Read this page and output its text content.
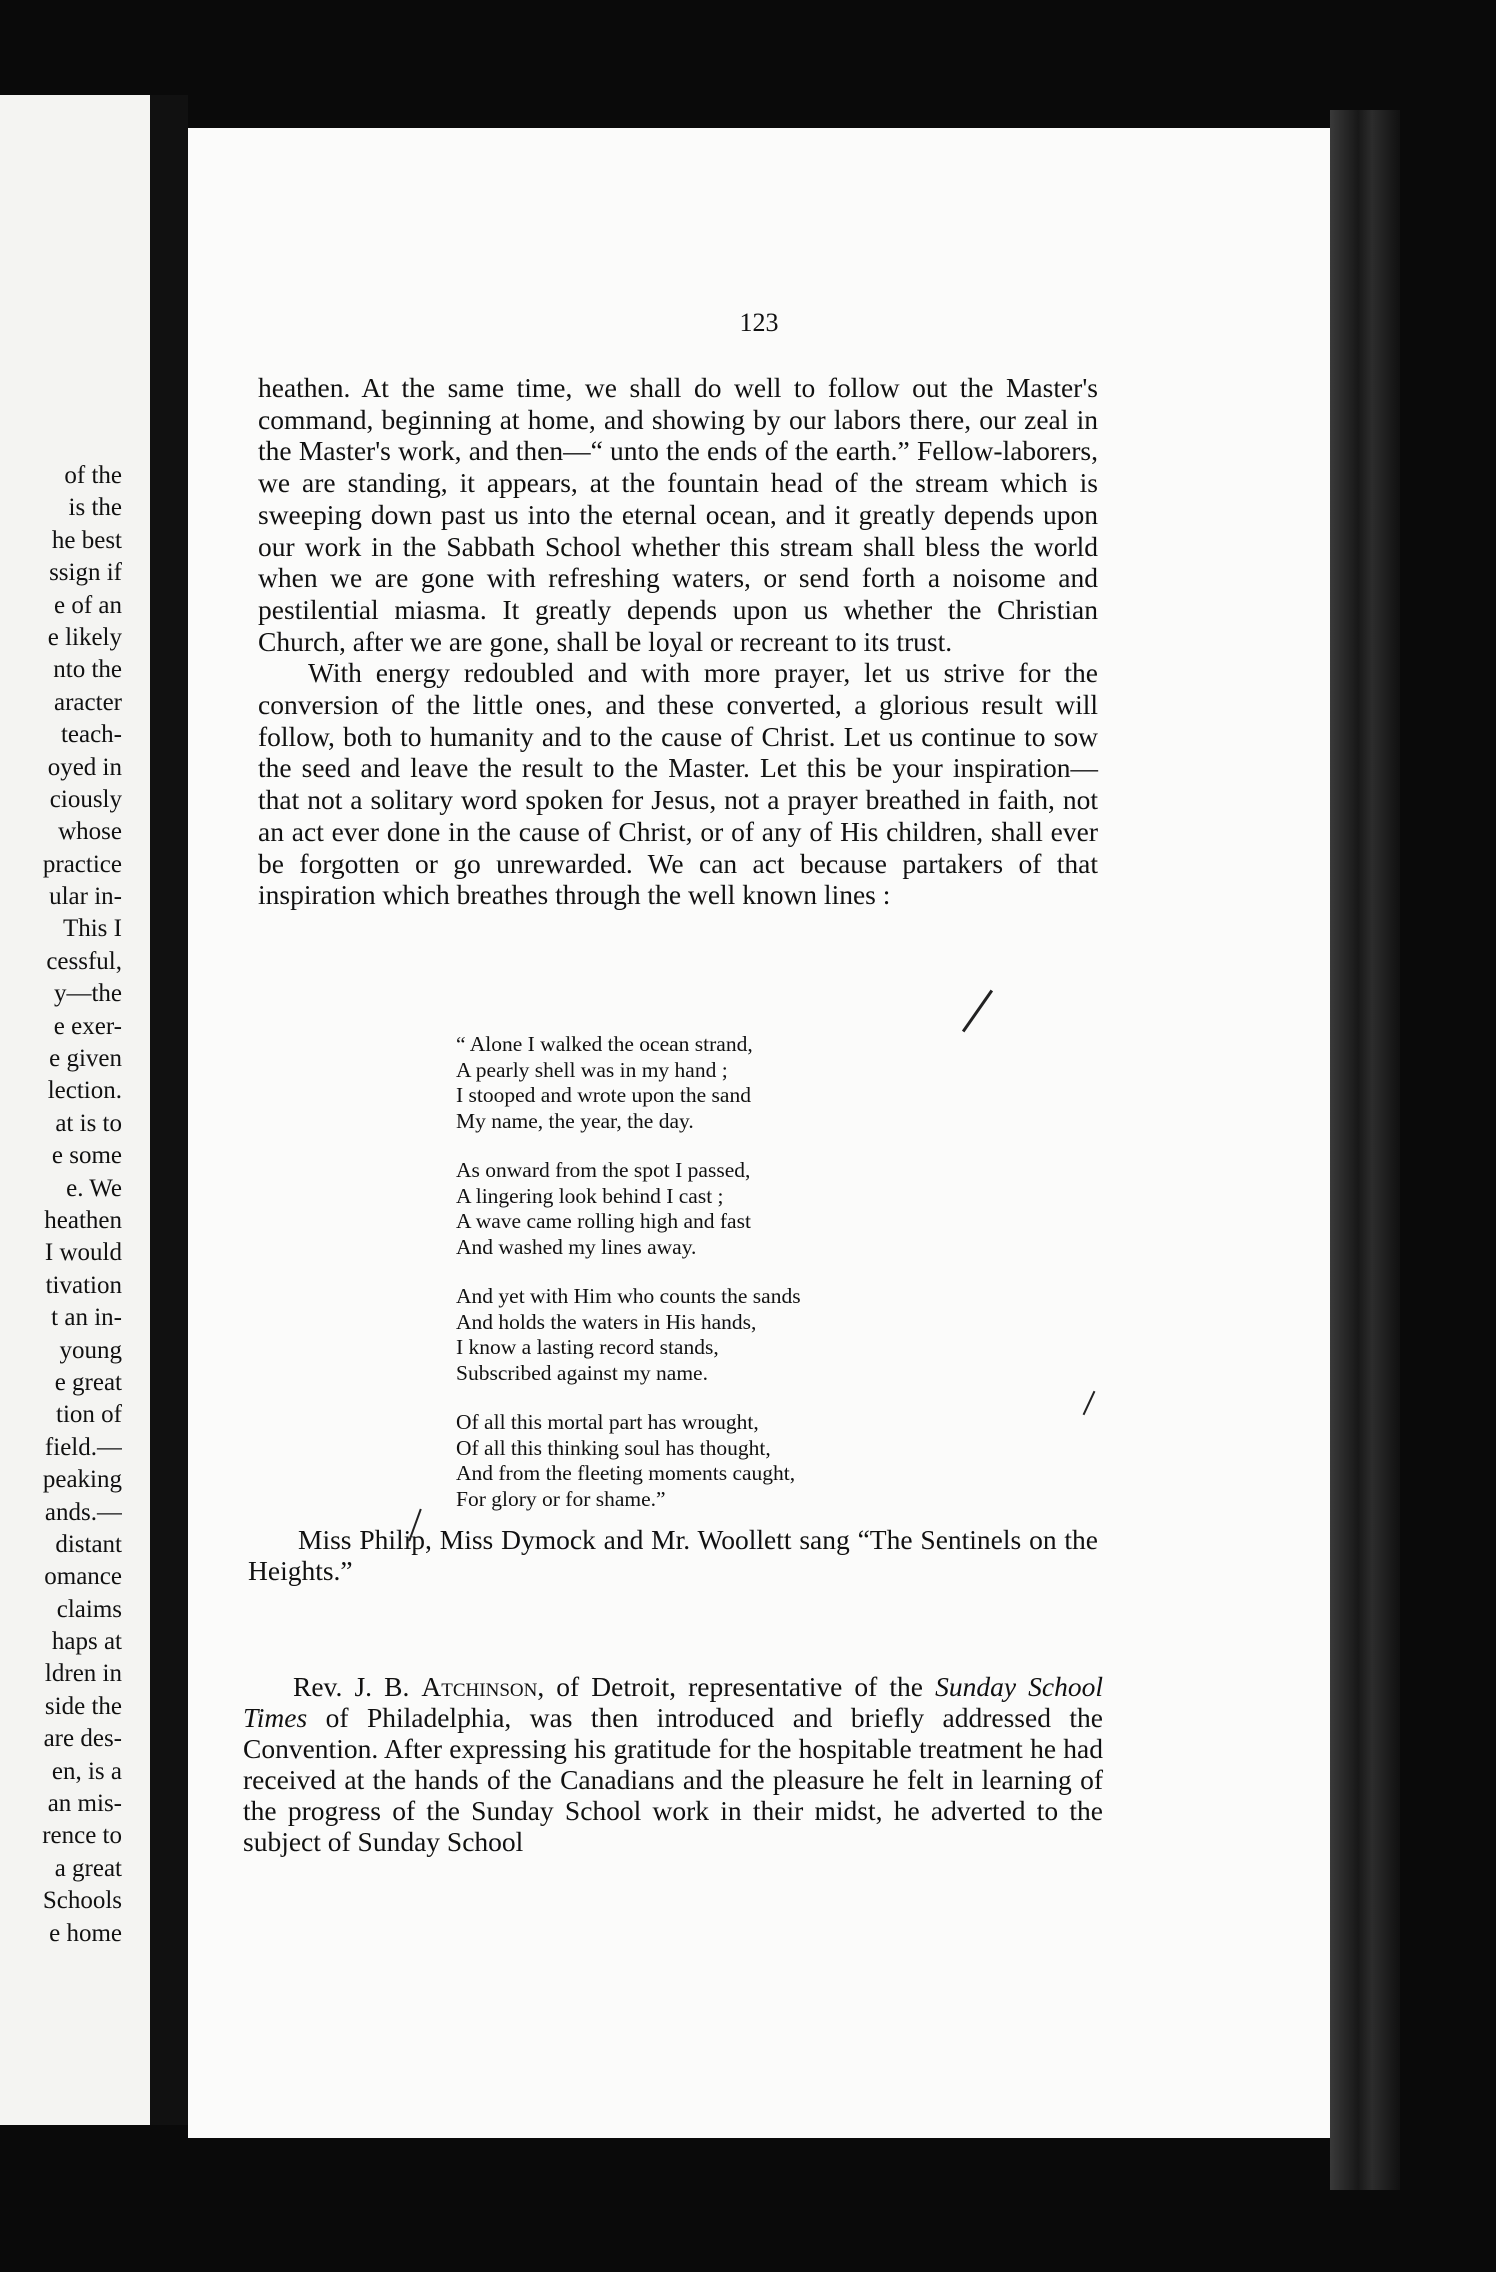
of the
is the
he best
ssign if
e of an
e likely
nto the
aracter
teach-
oyed in
ciously
whose
practice
ular in-
This I
cessful,
y—the
e exer-
e given
lection.
at is to
e some
e. We
heathen
I would
tivation
t an in-
young
e great
tion of
field.—
peaking
ands.—
distant
omance
claims
haps at
ldren in
side the
are des-
en, is a
an mis-
rence to
a great
Schools
e home
123

heathen. At the same time, we shall do well to follow out the Master's command, beginning at home, and showing by our labors there, our zeal in the Master's work, and then—“ unto the ends of the earth.” Fellow-laborers, we are standing, it appears, at the fountain head of the stream which is sweeping down past us into the eternal ocean, and it greatly depends upon our work in the Sabbath School whether this stream shall bless the world when we are gone with refreshing waters, or send forth a noisome and pestilential miasma. It greatly depends upon us whether the Christian Church, after we are gone, shall be loyal or recreant to its trust.

With energy redoubled and with more prayer, let us strive for the conversion of the little ones, and these converted, a glorious result will follow, both to humanity and to the cause of Christ. Let us continue to sow the seed and leave the result to the Master. Let this be your inspiration—that not a solitary word spoken for Jesus, not a prayer breathed in faith, not an act ever done in the cause of Christ, or of any of His children, shall ever be forgotten or go unrewarded. We can act because partakers of that inspiration which breathes through the well known lines :

“ Alone I walked the ocean strand,
A pearly shell was in my hand ;
I stooped and wrote upon the sand
My name, the year, the day.
As onward from the spot I passed,
A lingering look behind I cast ;
A wave came rolling high and fast
And washed my lines away.
And yet with Him who counts the sands
And holds the waters in His hands,
I know a lasting record stands,
Subscribed against my name.
Of all this mortal part has wrought,
Of all this thinking soul has thought,
And from the fleeting moments caught,
For glory or for shame.”

Miss Philip, Miss Dymock and Mr. Woollett sang “The Sentinels on the Heights.”

Rev. J. B. Atchinson, of Detroit, representative of the Sunday School Times of Philadelphia, was then introduced and briefly addressed the Convention. After expressing his gratitude for the hospitable treatment he had received at the hands of the Canadians and the pleasure he felt in learning of the progress of the Sunday School work in their midst, he adverted to the subject of Sunday School
